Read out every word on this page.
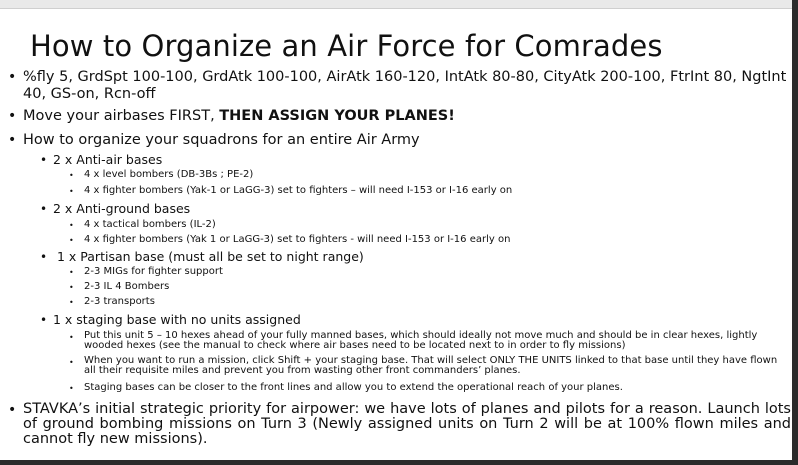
How to Organize an Air Force for Comrades
• %fly 5, GrdSpt 100-100, GrdAtk 100-100, AirAtk 160-120, IntAtk 80-80, CityAtk 200-100, FtrInt 80, NgtInt
40, GS-on, Rcn-off
• Move your airbases FIRST, THEN ASSIGN YOUR PLANES!
• How to organize your squadrons for an entire Air Army
• 2 x Anti-air bases
• 4 x level bombers (DB-3Bs ; PE-2)
• 4 x fighter bombers (Yak-1 or LaGG-3) set to fighters – will need I-153 or I-16 early on
• 2 x Anti-ground bases
• 4 x tactical bombers (IL-2)
• 4 x fighter bombers (Yak 1 or LaGG-3) set to fighters - will need I-153 or I-16 early on
• 1 x Partisan base (must all be set to night range)
• 2-3 MIGs for fighter support
• 2-3 IL 4 Bombers
• 2-3 transports
• 1 x staging base with no units assigned
• Put this unit 5 – 10 hexes ahead of your fully manned bases, which should ideally not move much and should be in clear hexes, lightly wooded hexes (see the manual to check where air bases need to be located next to in order to fly missions)
• When you want to run a mission, click Shift + your staging base. That will select ONLY THE UNITS linked to that base until they have flown all their requisite miles and prevent you from wasting other front commanders’ planes.
• Staging bases can be closer to the front lines and allow you to extend the operational reach of your planes.
• STAVKA’s initial strategic priority for airpower: we have lots of planes and pilots for a reason. Launch lots of ground bombing missions on Turn 3 (Newly assigned units on Turn 2 will be at 100% flown miles and cannot fly new missions).
